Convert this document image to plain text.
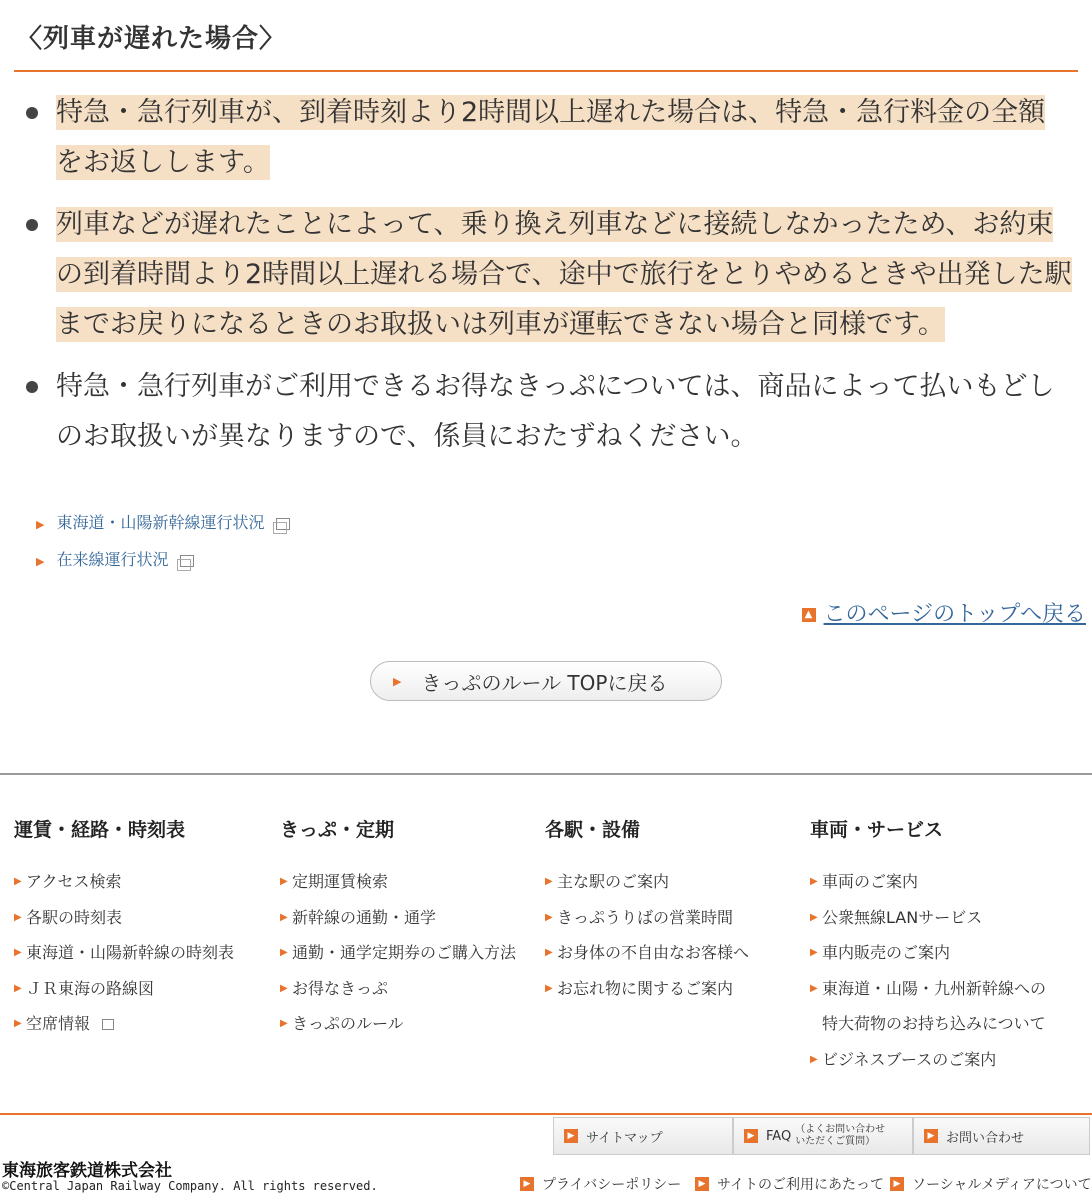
〈列車が遅れた場合〉
特急・急行列車が、到着時刻より2時間以上遅れた場合は、特急・急行料金の全額をお返しします。
列車などが遅れたことによって、乗り換え列車などに接続しなかったため、お約束の到着時間より2時間以上遅れる場合で、途中で旅行をとりやめるときや出発した駅までお戻りになるときのお取扱いは列車が運転できない場合と同様です。
特急・急行列車がご利用できるお得なきっぷについては、商品によって払いもどしのお取扱いが異なりますので、係員におたずねください。
▶ 東海道・山陽新幹線運行状況
▶ 在来線運行状況
▲ このページのトップへ戻る
▶ きっぷのルール TOPに戻る
運賃・経路・時刻表
▶ アクセス検索
▶ 各駅の時刻表
▶ 東海道・山陽新幹線の時刻表
▶ ＪＲ東海の路線図
▶ 空席情報
きっぷ・定期
▶ 定期運賃検索
▶ 新幹線の通勤・通学
▶ 通勤・通学定期券のご購入方法
▶ お得なきっぷ
▶ きっぷのルール
各駅・設備
▶ 主な駅のご案内
▶ きっぷうりばの営業時間
▶ お身体の不自由なお客様へ
▶ お忘れ物に関するご案内
車両・サービス
▶ 車両のご案内
▶ 公衆無線LANサービス
▶ 車内販売のご案内
▶ 東海道・山陽・九州新幹線への
特大荷物のお持ち込みについて
▶ ビジネスブースのご案内
▶ サイトマップ	▶ FAQ （よくお問い合わせ
いただくご質問）	▶ お問い合わせ
東海旅客鉄道株式会社
©Central Japan Railway Company. All rights reserved.	▶ プライバシーポリシー	▶ サイトのご利用にあたって	▶ ソーシャルメディアについて
